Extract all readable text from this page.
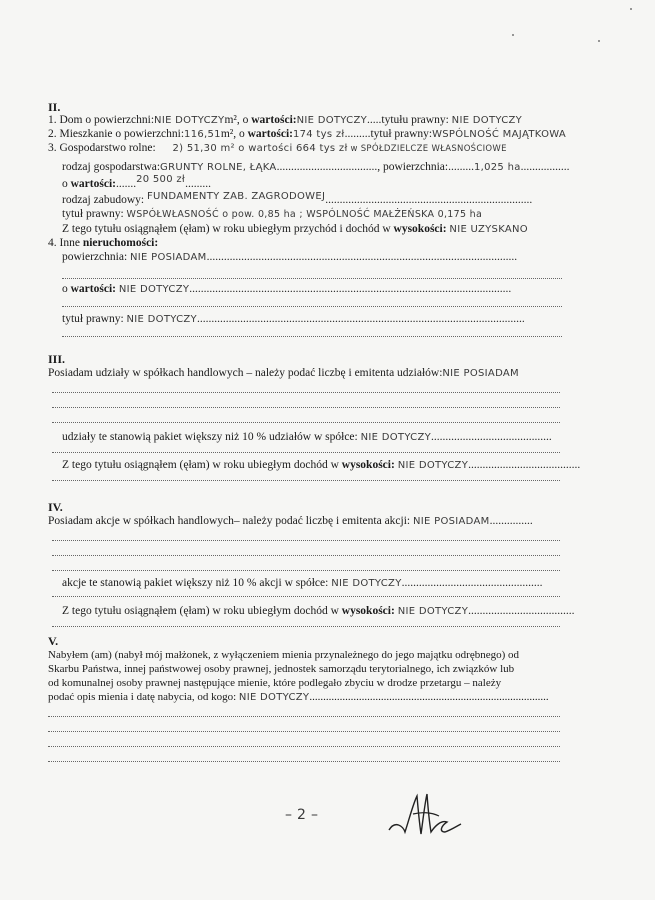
II.
1. Dom o powierzchni:NIE DOTYCZYm², o wartości:NIE DOTYCZY.....tytułu prawny: NIE DOTYCZY
2. Mieszkanie o powierzchni:116,51m², o wartości:174 tys zł.........tytuł prawny:WSPÓLNOŚĆ MAJĄTKOWA
3. Gospodarstwo rolne: 2) 51,30 m² o wartości 664 tys zł w SPÓŁDZIELCZE WŁASNOŚCIOWE
rodzaj gospodarstwa:GRUNTY ROLNE, ŁĄKA..................................., powierzchnia:.........1,025 ha.................
o wartości:.......20 500 zł.........
rodzaj zabudowy: FUNDAMENTY ZAB. ZAGRODOWEJ........................................................................
tytuł prawny: WSPÓŁWŁASNOŚĆ o pow. 0,85 ha ; WSPÓLNOŚĆ MAŁŻEŃSKA 0,175 ha
Z tego tytułu osiągnąłem (ęłam) w roku ubiegłym przychód i dochód w wysokości: NIE UZYSKANO
4. Inne nieruchomości:
powierzchnia: NIE POSIADAM............................................................................................................
o wartości: NIE DOTYCZY................................................................................................................
tytuł prawny: NIE DOTYCZY..................................................................................................................
III.
Posiadam udziały w spółkach handlowych – należy podać liczbę i emitenta udziałów:NIE POSIADAM
udziały te stanowią pakiet większy niż 10 % udziałów w spółce: NIE DOTYCZY..........................................
Z tego tytułu osiągnąłem (ęłam) w roku ubiegłym dochód w wysokości: NIE DOTYCZY.......................................
IV.
Posiadam akcje w spółkach handlowych– należy podać liczbę i emitenta akcji: NIE POSIADAM...............
akcje te stanowią pakiet większy niż 10 % akcji w spółce: NIE DOTYCZY.................................................
Z tego tytułu osiągnąłem (ęłam) w roku ubiegłym dochód w wysokości: NIE DOTYCZY.....................................
V.
Nabyłem (am) (nabył mój małżonek, z wyłączeniem mienia przynależnego do jego majątku odrębnego) od
Skarbu Państwa, innej państwowej osoby prawnej, jednostek samorządu terytorialnego, ich związków lub
od komunalnej osoby prawnej następujące mienie, które podlegało zbyciu w drodze przetargu – należy
podać opis mienia i datę nabycia, od kogo: NIE DOTYCZY.......................................................................................
– 2 –
